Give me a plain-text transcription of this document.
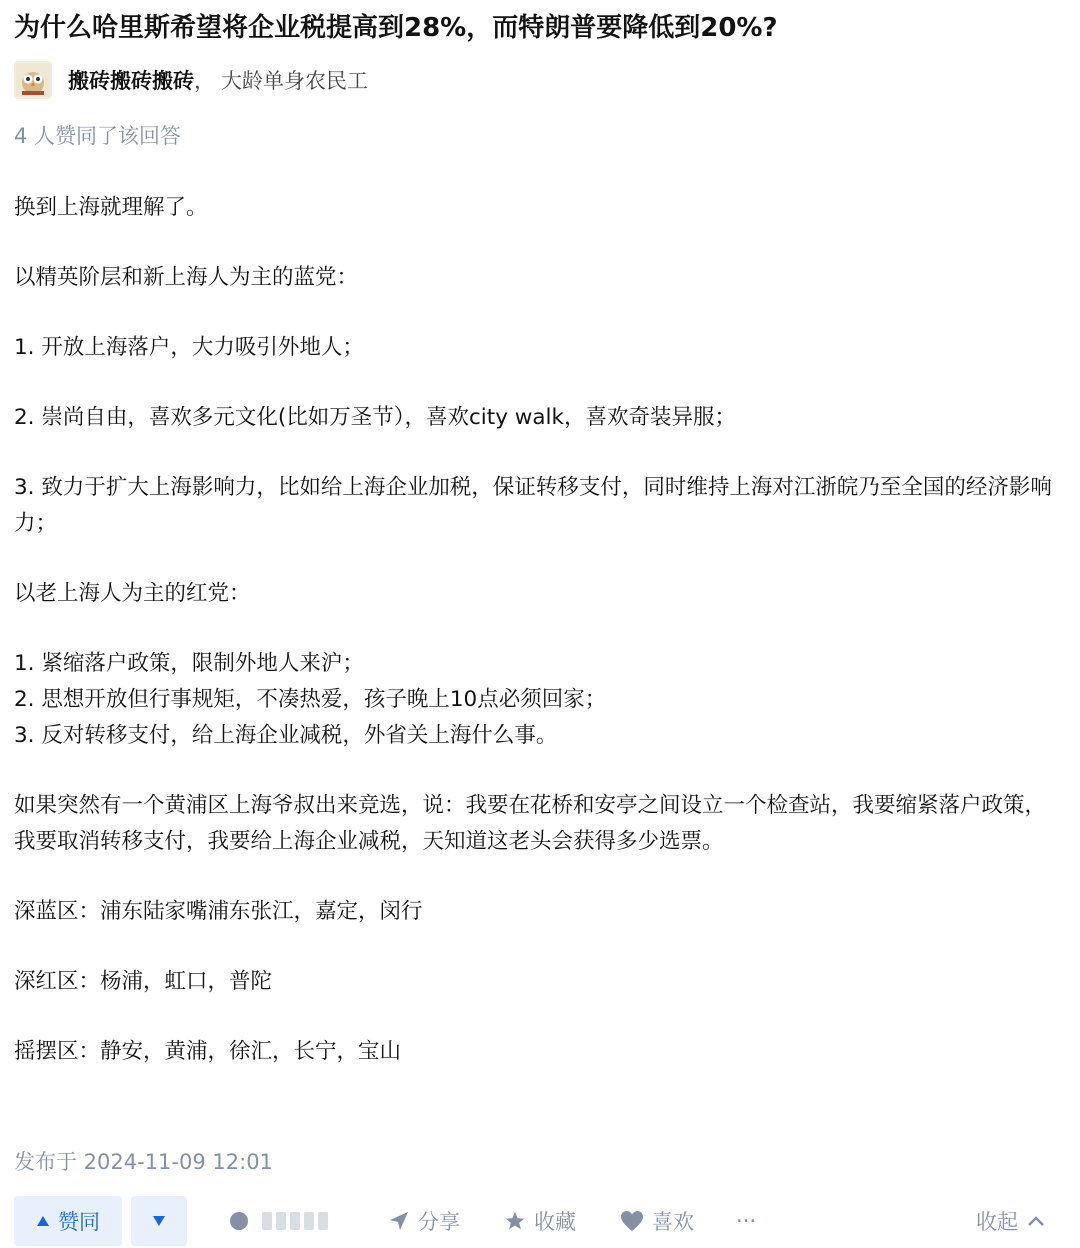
为什么哈里斯希望将企业税提高到28%，而特朗普要降低到20%?
搬砖搬砖搬砖 ， 大龄单身农民工
4 人赞同了该回答

换到上海就理解了。

以精英阶层和新上海人为主的蓝党：

1. 开放上海落户，大力吸引外地人；

2. 崇尚自由，喜欢多元文化(比如万圣节），喜欢city walk，喜欢奇装异服；

3. 致力于扩大上海影响力，比如给上海企业加税，保证转移支付，同时维持上海对江浙皖乃至全国的经济影响力；

以老上海人为主的红党：

1. 紧缩落户政策，限制外地人来沪；

2. 思想开放但行事规矩，不凑热爱，孩子晚上10点必须回家；

3. 反对转移支付，给上海企业减税，外省关上海什么事。

如果突然有一个黄浦区上海爷叔出来竞选，说：我要在花桥和安亭之间设立一个检查站，我要缩紧落户政策，我要取消转移支付，我要给上海企业减税，天知道这老头会获得多少选票。

深蓝区：浦东陆家嘴浦东张江，嘉定，闵行

深红区：杨浦，虹口，普陀

摇摆区：静安，黄浦，徐汇，长宁，宝山

发布于 2024-11-09 12:01
赞同	分享	收藏	喜欢 ···	收起
